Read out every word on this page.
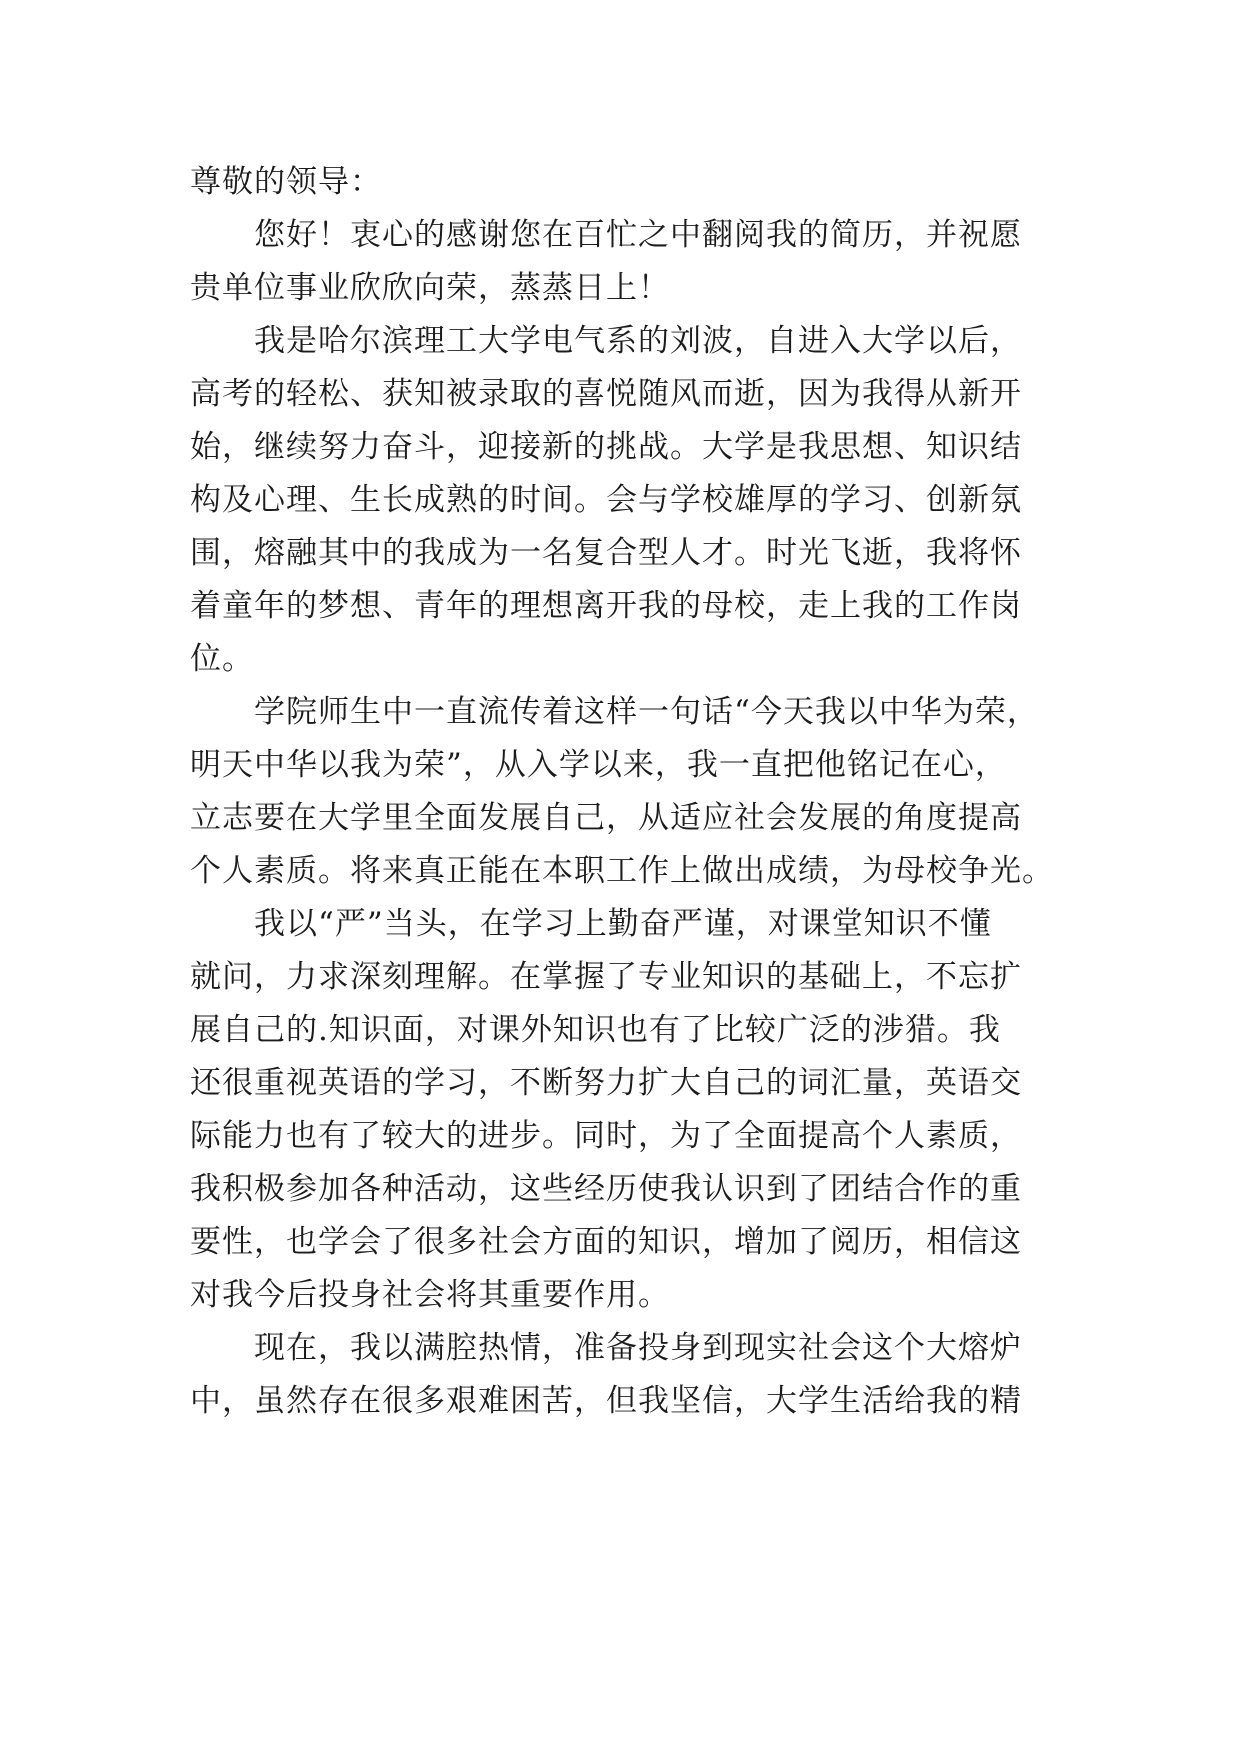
尊敬的领导：
　　您好！衷心的感谢您在百忙之中翻阅我的简历，并祝愿
贵单位事业欣欣向荣，蒸蒸日上！
　　我是哈尔滨理工大学电气系的刘波，自进入大学以后，
高考的轻松、获知被录取的喜悦随风而逝，因为我得从新开
始，继续努力奋斗，迎接新的挑战。大学是我思想、知识结
构及心理、生长成熟的时间。会与学校雄厚的学习、创新氛
围，熔融其中的我成为一名复合型人才。时光飞逝，我将怀
着童年的梦想、青年的理想离开我的母校，走上我的工作岗
位。
　　学院师生中一直流传着这样一句话“今天我以中华为荣，
明天中华以我为荣”，从入学以来，我一直把他铭记在心，
立志要在大学里全面发展自己，从适应社会发展的角度提高
个人素质。将来真正能在本职工作上做出成绩，为母校争光。
　　我以“严”当头，在学习上勤奋严谨，对课堂知识不懂
就问，力求深刻理解。在掌握了专业知识的基础上，不忘扩
展自己的.知识面，对课外知识也有了比较广泛的涉猎。我
还很重视英语的学习，不断努力扩大自己的词汇量，英语交
际能力也有了较大的进步。同时，为了全面提高个人素质，
我积极参加各种活动，这些经历使我认识到了团结合作的重
要性，也学会了很多社会方面的知识，增加了阅历，相信这
对我今后投身社会将其重要作用。
　　现在，我以满腔热情，准备投身到现实社会这个大熔炉
中，虽然存在很多艰难困苦，但我坚信，大学生活给我的精
